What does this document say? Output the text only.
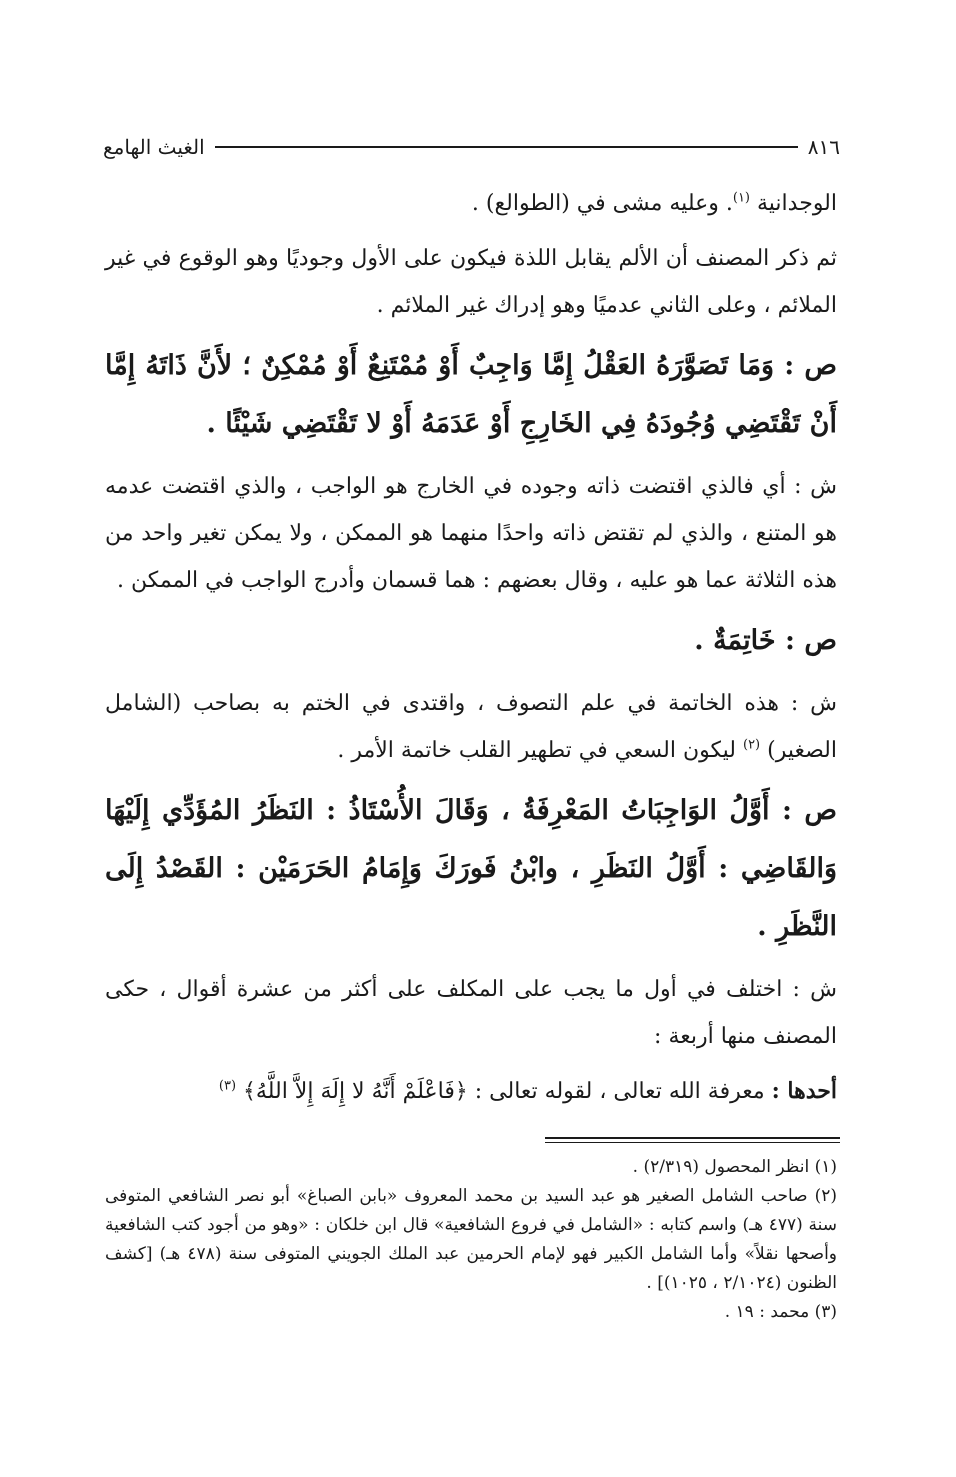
٨١٦
الغيث الهامع

الوجدانية $^{(١)}$. وعليه مشى في (الطوالع) .

ثم ذكر المصنف أن الألم يقابل اللذة فيكون على الأول وجوديًا وهو الوقوع في غير الملائم ، وعلى الثاني عدميًا وهو إدراك غير الملائم .

ص : وَمَا تَصَوَّرَهُ العَقْلُ إِمَّا وَاجِبٌ أَوْ مُمْتَنِعٌ أَوْ مُمْكِنٌ ؛ لأَنَّ ذَاتَهُ إِمَّا أَنْ تَقْتَضِي وُجُودَهُ فِي الخَارِجِ أَوْ عَدَمَهُ أَوْ لا تَقْتَضِي شَيْئًا .

ش : أي فالذي اقتضت ذاته وجوده في الخارج هو الواجب ، والذي اقتضت عدمه هو المتنع ، والذي لم تقتض ذاته واحدًا منهما هو الممكن ، ولا يمكن تغير واحد من هذه الثلاثة عما هو عليه ، وقال بعضهم : هما قسمان وأدرج الواجب في الممكن .

ص : خَاتِمَةٌ .

ش : هذه الخاتمة في علم التصوف ، واقتدى في الختم به بصاحب (الشامل الصغير) $^{(٢)}$ ليكون السعي في تطهير القلب خاتمة الأمر .

ص : أَوَّلُ الوَاجِبَاتُ المَعْرِفَةُ ، وَقَالَ الأُسْتَاذُ : النَظَرُ المُؤَدِّي إِلَيْهَا وَالقَاضِي : أَوَّلُ النَظَرِ ، وابْنُ فَورَكَ وَإِمَامُ الحَرَمَيْن : القَصْدُ إِلَى النَّظَرِ .

ش : اختلف في أول ما يجب على المكلف على أكثر من عشرة أقوال ، حكى المصنف منها أربعة :

أحدها : معرفة الله تعالى ، لقوله تعالى : ﴿فَاعْلَمْ أَنَّهُ لا إِلَهَ إِلاَّ اللَّهُ﴾ $^{(٣)}$

(١) انظر المحصول (٢/٣١٩) .

(٢) صاحب الشامل الصغير هو عبد السيد بن محمد المعروف «بابن الصباغ» أبو نصر الشافعي المتوفى سنة (٤٧٧ هـ) واسم كتابه : «الشامل في فروع الشافعية» قال ابن خلكان : «وهو من أجود كتب الشافعية وأصحها نقلاً» وأما الشامل الكبير فهو لإمام الحرمين عبد الملك الجويني المتوفى سنة (٤٧٨ هـ) [كشف الظنون (٢/١٠٢٤ ، ١٠٢٥)] .

(٣) محمد : ١٩ .
